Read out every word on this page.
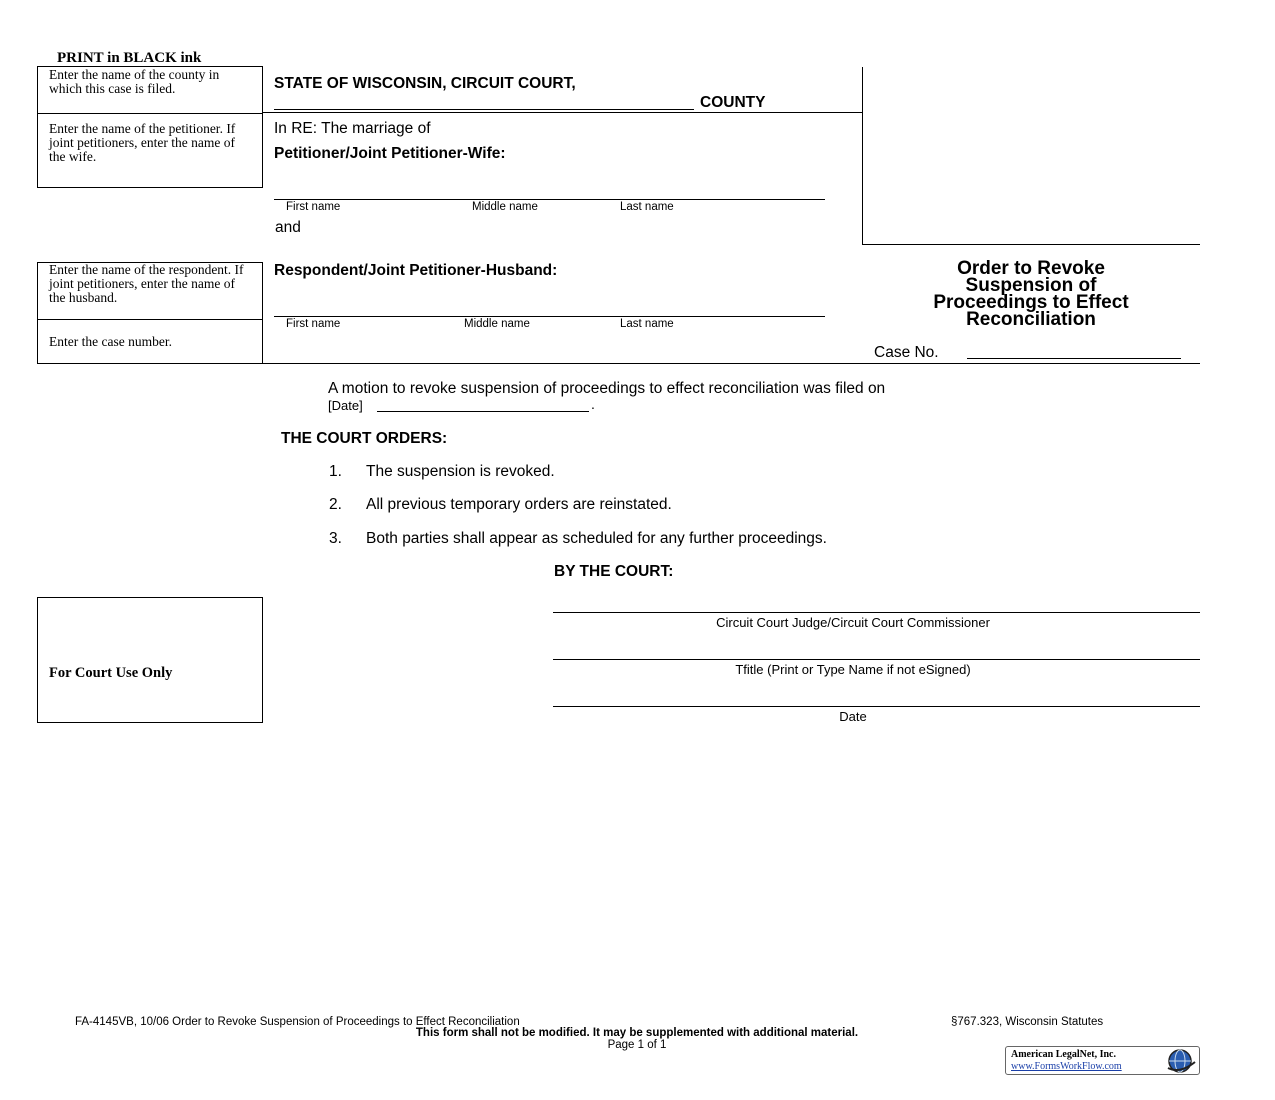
PRINT in BLACK ink
Enter the name of the county in which this case is filed.
Enter the name of the petitioner. If joint petitioners, enter the name of the wife.
Enter the name of the respondent. If joint petitioners, enter the name of the husband.
Enter the case number.
STATE OF WISCONSIN, CIRCUIT COURT,
COUNTY
In RE: The marriage of
Petitioner/Joint Petitioner-Wife:
First name	Middle name	Last name
and
Respondent/Joint Petitioner-Husband:
First name	Middle name	Last name
Order to Revoke
Suspension of
Proceedings to Effect
Reconciliation
Case No.
A motion to revoke suspension of proceedings to effect reconciliation was filed on
[Date]	.
THE COURT ORDERS:
1. The suspension is revoked.
2. All previous temporary orders are reinstated.
3. Both parties shall appear as scheduled for any further proceedings.
BY THE COURT:
Circuit Court Judge/Circuit Court Commissioner
Tfitle (Print or Type Name if not eSigned)
Date
For Court Use Only
FA-4145VB, 10/06 Order to Revoke Suspension of Proceedings to Effect Reconciliation	§767.323, Wisconsin Statutes
This form shall not be modified. It may be supplemented with additional material.
Page 1 of 1
American LegalNet, Inc.
www.FormsWorkFlow.com
